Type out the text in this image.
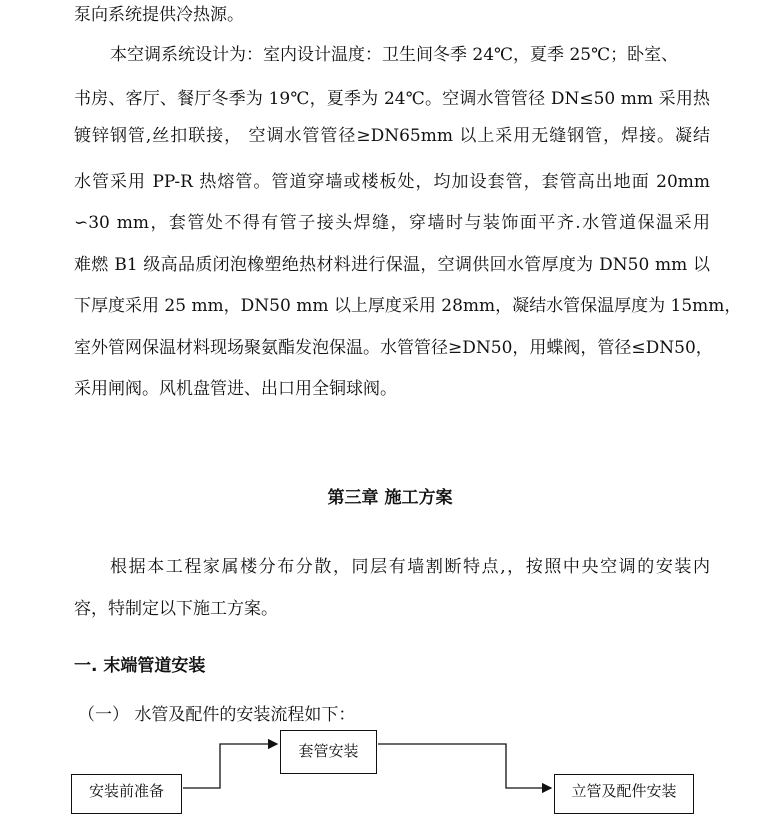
泵向系统提供冷热源。
本空调系统设计为：室内设计温度：卫生间冬季 24℃，夏季 25℃；卧室、
书房、客厅、餐厅冬季为 19℃，夏季为 24℃。空调水管管径 DN≤50 mm 采用热
镀锌钢管,丝扣联接， 空调水管管径≥DN65mm 以上采用无缝钢管，焊接。凝结
水管采用 PP-R 热熔管。管道穿墙或楼板处，均加设套管，套管高出地面 20mm
∽30 mm，套管处不得有管子接头焊缝，穿墙时与装饰面平齐.水管道保温采用
难燃 B1 级高品质闭泡橡塑绝热材料进行保温，空调供回水管厚度为 DN50 mm 以
下厚度采用 25 mm，DN50 mm 以上厚度采用 28mm，凝结水管保温厚度为 15mm，
室外管网保温材料现场聚氨酯发泡保温。水管管径≥DN50，用蝶阀，管径≤DN50，
采用闸阀。风机盘管进、出口用全铜球阀。
第三章 施工方案
根据本工程家属楼分布分散，同层有墙割断特点,，按照中央空调的安装内
容，特制定以下施工方案。
一. 末端管道安装
（一） 水管及配件的安装流程如下：
安装前准备
套管安装
立管及配件安装
